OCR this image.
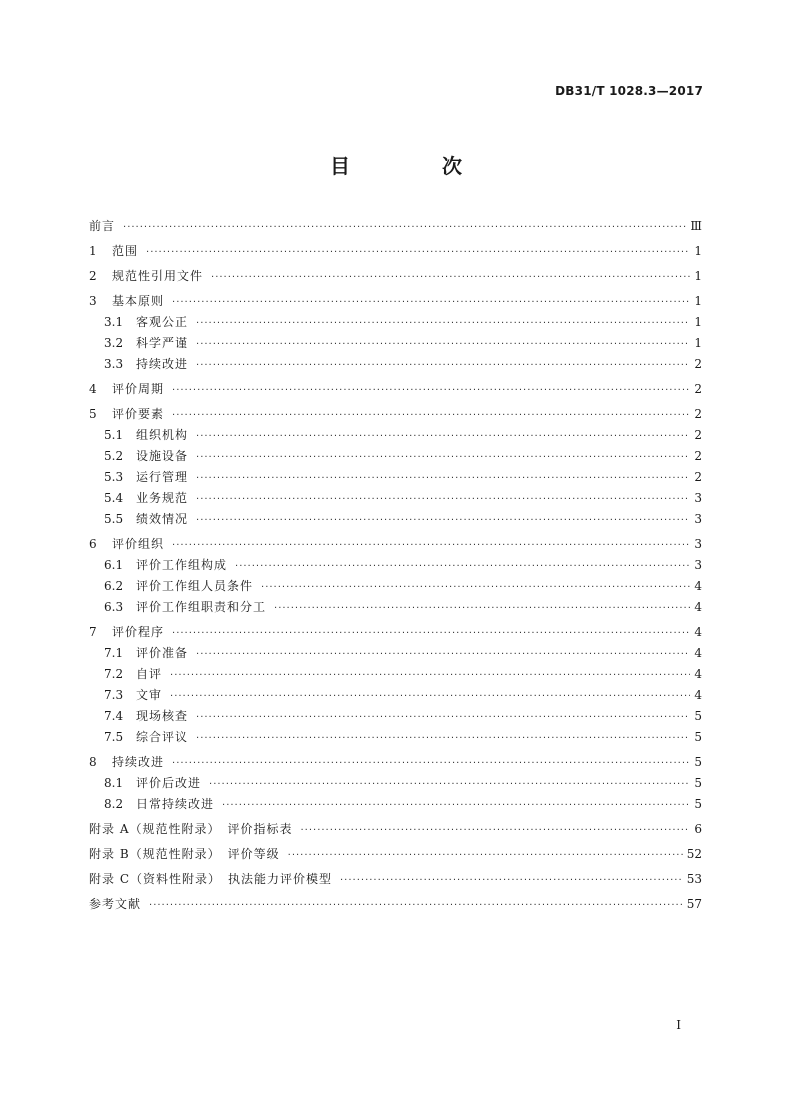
DB31/T 1028.3—2017
目　次
前言 ·····	Ⅲ
1	范围 ·····	1
2	规范性引用文件 ·····	1
3	基本原则 ·····	1
3.1	客观公正 ·····	1
3.2	科学严谨 ·····	1
3.3	持续改进 ·····	2
4	评价周期 ·····	2
5	评价要素 ·····	2
5.1	组织机构 ·····	2
5.2	设施设备 ·····	2
5.3	运行管理 ·····	2
5.4	业务规范 ·····	3
5.5	绩效情况 ·····	3
6	评价组织 ·····	3
6.1	评价工作组构成 ·····	3
6.2	评价工作组人员条件 ·····	4
6.3	评价工作组职责和分工 ·····	4
7	评价程序 ·····	4
7.1	评价准备 ·····	4
7.2	自评 ·····	4
7.3	文审 ·····	4
7.4	现场核查 ·····	5
7.5	综合评议 ·····	5
8	持续改进 ·····	5
8.1	评价后改进 ·····	5
8.2	日常持续改进 ·····	5
附录 A（规范性附录）　评价指标表 ·····	6
附录 B（规范性附录）　评价等级 ·····	52
附录 C（资料性附录）　执法能力评价模型 ·····	53
参考文献 ·····	57
I
